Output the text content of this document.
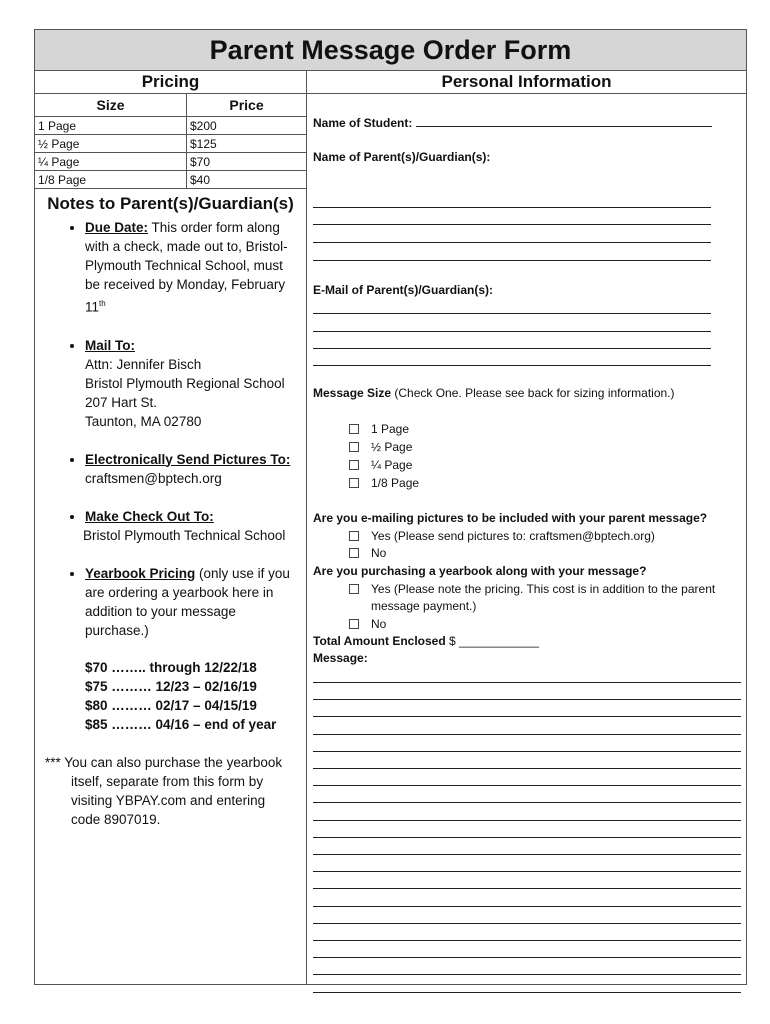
Parent Message Order Form
Pricing	Personal Information
Size	Price
1 Page	$200
½ Page	$125
¼ Page	$70
1/8 Page	$40
Notes to Parent(s)/Guardian(s)
• Due Date: This order form along with a check, made out to, Bristol-Plymouth Technical School, must be received by Monday, February 11th
• Mail To:
Attn: Jennifer Bisch
Bristol Plymouth Regional School
207 Hart St.
Taunton, MA 02780
• Electronically Send Pictures To:
craftsmen@bptech.org
• Make Check Out To:
Bristol Plymouth Technical School
• Yearbook Pricing (only use if you are ordering a yearbook here in addition to your message purchase.)
$70 …….. through 12/22/18
$75 ……… 12/23 – 02/16/19
$80 ……… 02/17 – 04/15/19
$85 ……… 04/16 – end of year
*** You can also purchase the yearbook
itself, separate from this form by
visiting YBPAY.com and entering
code 8907019.
Name of Student:
Name of Parent(s)/Guardian(s):
E-Mail of Parent(s)/Guardian(s):
Message Size (Check One. Please see back for sizing information.)
1 Page
½ Page
¼ Page
1/8 Page
Are you e-mailing pictures to be included with your parent message?
Yes (Please send pictures to: craftsmen@bptech.org)
No
Are you purchasing a yearbook along with your message?
Yes (Please note the pricing. This cost is in addition to the parent
message payment.)
No
Total Amount Enclosed $ ____________
Message:
